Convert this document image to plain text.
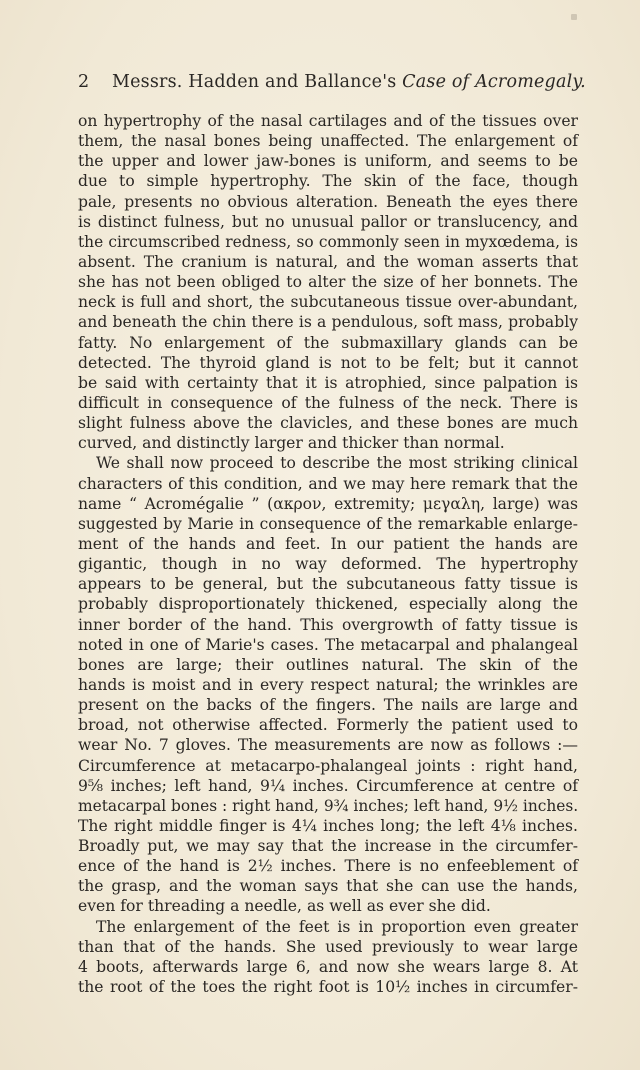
2 Messrs. Hadden and Ballance's Case of Acromegaly.
on hypertrophy of the nasal cartilages and of the tissues over
them, the nasal bones being unaffected. The enlargement of
the upper and lower jaw-bones is uniform, and seems to be
due to simple hypertrophy. The skin of the face, though
pale, presents no obvious alteration. Beneath the eyes there
is distinct fulness, but no unusual pallor or translucency, and
the circumscribed redness, so commonly seen in myxœdema, is
absent. The cranium is natural, and the woman asserts that
she has not been obliged to alter the size of her bonnets. The
neck is full and short, the subcutaneous tissue over-abundant,
and beneath the chin there is a pendulous, soft mass, probably
fatty. No enlargement of the submaxillary glands can be
detected. The thyroid gland is not to be felt; but it cannot
be said with certainty that it is atrophied, since palpation is
difficult in consequence of the fulness of the neck. There is
slight fulness above the clavicles, and these bones are much
curved, and distinctly larger and thicker than normal.
We shall now proceed to describe the most striking clinical
characters of this condition, and we may here remark that the
name “ Acromégalie ” (ακρον, extremity; μεγαλη, large) was
suggested by Marie in consequence of the remarkable enlarge-
ment of the hands and feet. In our patient the hands are
gigantic, though in no way deformed. The hypertrophy
appears to be general, but the subcutaneous fatty tissue is
probably disproportionately thickened, especially along the
inner border of the hand. This overgrowth of fatty tissue is
noted in one of Marie's cases. The metacarpal and phalangeal
bones are large; their outlines natural. The skin of the
hands is moist and in every respect natural; the wrinkles are
present on the backs of the fingers. The nails are large and
broad, not otherwise affected. Formerly the patient used to
wear No. 7 gloves. The measurements are now as follows :—
Circumference at metacarpo-phalangeal joints : right hand,
9⅝ inches; left hand, 9¼ inches. Circumference at centre of
metacarpal bones : right hand, 9¾ inches; left hand, 9½ inches.
The right middle finger is 4¼ inches long; the left 4⅛ inches.
Broadly put, we may say that the increase in the circumfer-
ence of the hand is 2½ inches. There is no enfeeblement of
the grasp, and the woman says that she can use the hands,
even for threading a needle, as well as ever she did.
The enlargement of the feet is in proportion even greater
than that of the hands. She used previously to wear large
4 boots, afterwards large 6, and now she wears large 8. At
the root of the toes the right foot is 10½ inches in circumfer-
